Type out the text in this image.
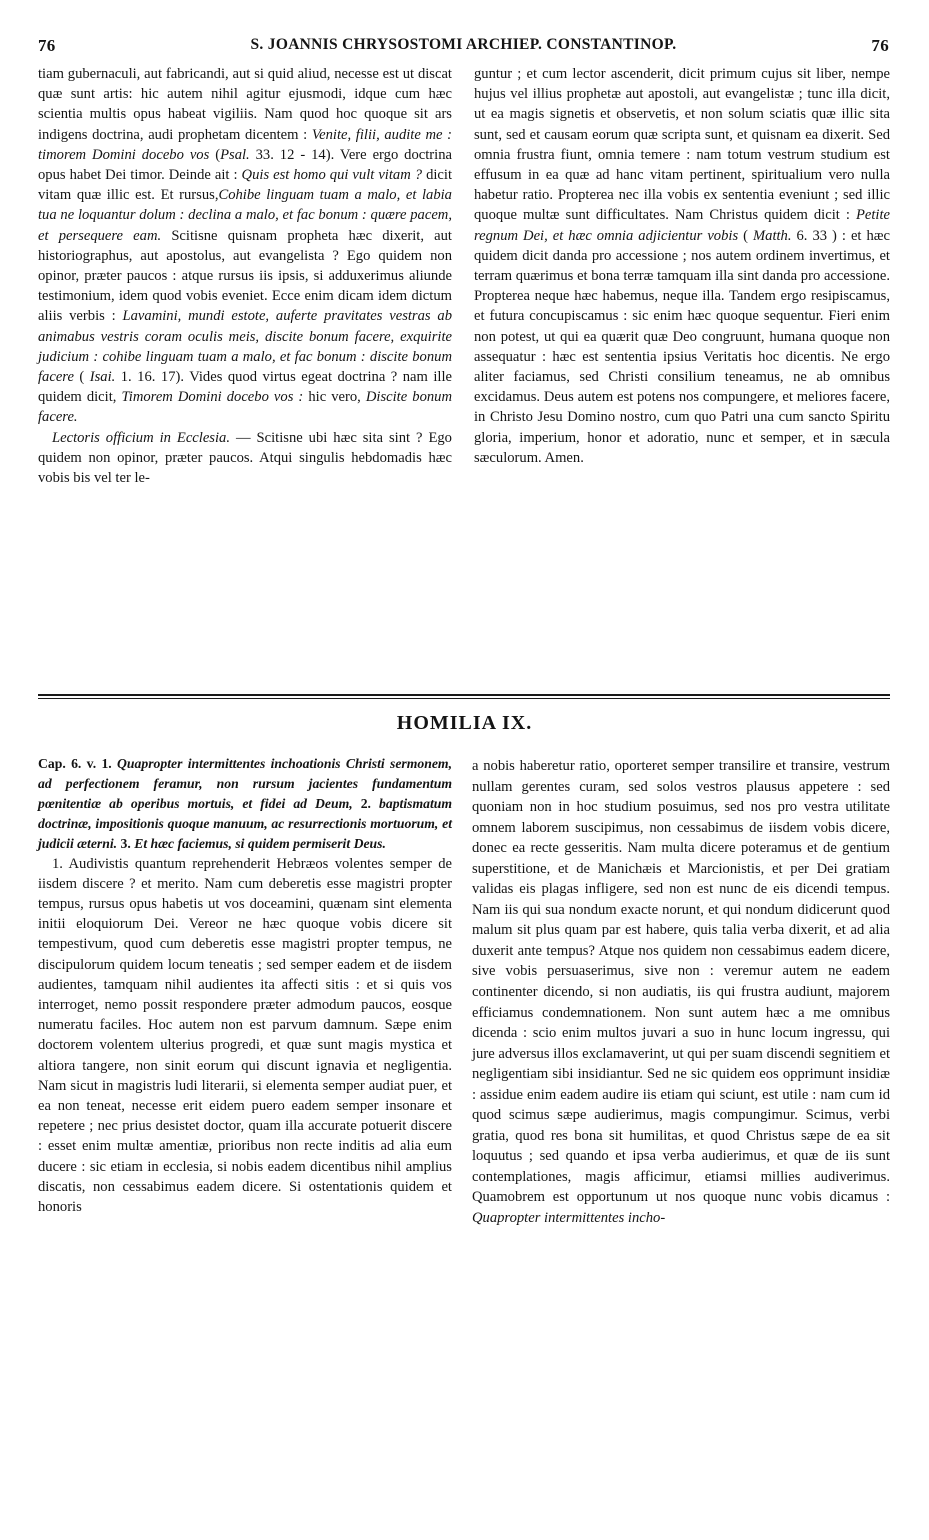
76	S. JOANNIS CHRYSOSTOMI ARCHIEP. CONSTANTINOP.	76

tiam gubernaculi, aut fabricandi, aut si quid aliud, necesse est ut discat quæ sunt artis: hic autem nihil agitur ejusmodi, idque cum hæc scientia multis opus habeat vigiliis. Nam quod hoc quoque sit ars indigens doctrina, audi prophetam dicentem : Venite, filii, audite me : timorem Domini docebo vos (Psal. 33. 12 - 14). Vere ergo doctrina opus habet Dei timor. Deinde ait : Quis est homo qui vult vitam ? dicit vitam quæ illic est. Et rursus,Cohibe linguam tuam a malo, et labia tua ne loquantur dolum : declina a malo, et fac bonum : quære pacem, et persequere eam. Scitisne quisnam propheta hæc dixerit, aut historiographus, aut apostolus, aut evangelista ? Ego quidem non opinor, præter paucos : atque rursus iis ipsis, si adduxerimus aliunde testimonium, idem quod vobis eveniet. Ecce enim dicam idem dictum aliis verbis : Lavamini, mundi estote, auferte pravitates vestras ab animabus vestris coram oculis meis, discite bonum facere, exquirite judicium : cohibe linguam tuam a malo, et fac bonum : discite bonum facere ( Isai. 1. 16. 17). Vides quod virtus egeat doctrina ? nam ille quidem dicit, Timorem Domini docebo vos : hic vero, Discite bonum facere.

Lectoris officium in Ecclesia. — Scitisne ubi hæc sita sint ? Ego quidem non opinor, præter paucos. Atqui singulis hebdomadis hæc vobis bis vel ter le-

guntur ; et cum lector ascenderit, dicit primum cujus sit liber, nempe hujus vel illius prophetæ aut apostoli, aut evangelistæ ; tunc illa dicit, ut ea magis signetis et observetis, et non solum sciatis quæ illic sita sunt, sed et causam eorum quæ scripta sunt, et quisnam ea dixerit. Sed omnia frustra fiunt, omnia temere : nam totum vestrum studium est effusum in ea quæ ad hanc vitam pertinent, spiritualium vero nulla habetur ratio. Propterea nec illa vobis ex sententia eveniunt ; sed illic quoque multæ sunt difficultates. Nam Christus quidem dicit : Petite regnum Dei, et hæc omnia adjicientur vobis ( Matth. 6. 33 ) : et hæc quidem dicit danda pro accessione ; nos autem ordinem invertimus, et terram quærimus et bona terræ tamquam illa sint danda pro accessione. Propterea neque hæc habemus, neque illa. Tandem ergo resipiscamus, et futura concupiscamus : sic enim hæc quoque sequentur. Fieri enim non potest, ut qui ea quærit quæ Deo congruunt, humana quoque non assequatur : hæc est sententia ipsius Veritatis hoc dicentis. Ne ergo aliter faciamus, sed Christi consilium teneamus, ne ab omnibus excidamus. Deus autem est potens nos compungere, et meliores facere, in Christo Jesu Domino nostro, cum quo Patri una cum sancto Spiritu gloria, imperium, honor et adoratio, nunc et semper, et in sæcula sæculorum. Amen.

HOMILIA IX.

Cap. 6. v. 1. Quapropter intermittentes inchoationis Christi sermonem, ad perfectionem feramur, non rursum jacientes fundamentum pœnitentiæ ab operibus mortuis, et fidei ad Deum, 2. baptismatum doctrinæ, impositionis quoque manuum, ac resurrectionis mortuorum, et judicii æterni. 3. Et hæc faciemus, si quidem permiserit Deus.

1. Audivistis quantum reprehenderit Hebræos volentes semper de iisdem discere ? et merito. Nam cum deberetis esse magistri propter tempus, rursus opus habetis ut vos doceamini, quænam sint elementa initii eloquiorum Dei. Vereor ne hæc quoque vobis dicere sit tempestivum, quod cum deberetis esse magistri propter tempus, ne discipulorum quidem locum teneatis ; sed semper eadem et de iisdem audientes, tamquam nihil audientes ita affecti sitis : et si quis vos interroget, nemo possit respondere præter admodum paucos, eosque numeratu faciles. Hoc autem non est parvum damnum. Sæpe enim doctorem volentem ulterius progredi, et quæ sunt magis mystica et altiora tangere, non sinit eorum qui discunt ignavia et negligentia. Nam sicut in magistris ludi literarii, si elementa semper audiat puer, et ea non teneat, necesse erit eidem puero eadem semper insonare et repetere ; nec prius desistet doctor, quam illa accurate potuerit discere : esset enim multæ amentiæ, prioribus non recte inditis ad alia eum ducere : sic etiam in ecclesia, si nobis eadem dicentibus nihil amplius discatis, non cessabimus eadem dicere. Si ostentationis quidem et honoris

a nobis haberetur ratio, oporteret semper transilire et transire, vestrum nullam gerentes curam, sed solos vestros plausus appetere : sed quoniam non in hoc studium posuimus, sed nos pro vestra utilitate omnem laborem suscipimus, non cessabimus de iisdem vobis dicere, donec ea recte gesseritis. Nam multa dicere poteramus et de gentium superstitione, et de Manichæis et Marcionistis, et per Dei gratiam validas eis plagas infligere, sed non est nunc de eis dicendi tempus. Nam iis qui sua nondum exacte norunt, et qui nondum didicerunt quod malum sit plus quam par est habere, quis talia verba dixerit, et ad alia duxerit ante tempus? Atque nos quidem non cessabimus eadem dicere, sive vobis persuaserimus, sive non : veremur autem ne eadem continenter dicendo, si non audiatis, iis qui frustra audiunt, majorem efficiamus condemnationem. Non sunt autem hæc a me omnibus dicenda : scio enim multos juvari a suo in hunc locum ingressu, qui jure adversus illos exclamaverint, ut qui per suam discendi segnitiem et negligentiam sibi insidiantur. Sed ne sic quidem eos opprimunt insidiæ : assidue enim eadem audire iis etiam qui sciunt, est utile : nam cum id quod scimus sæpe audierimus, magis compungimur. Scimus, verbi gratia, quod res bona sit humilitas, et quod Christus sæpe de ea sit loquutus ; sed quando et ipsa verba audierimus, et quæ de iis sunt contemplationes, magis afficimur, etiamsi millies audiverimus. Quamobrem est opportunum ut nos quoque nunc vobis dicamus : Quapropter intermittentes incho-
